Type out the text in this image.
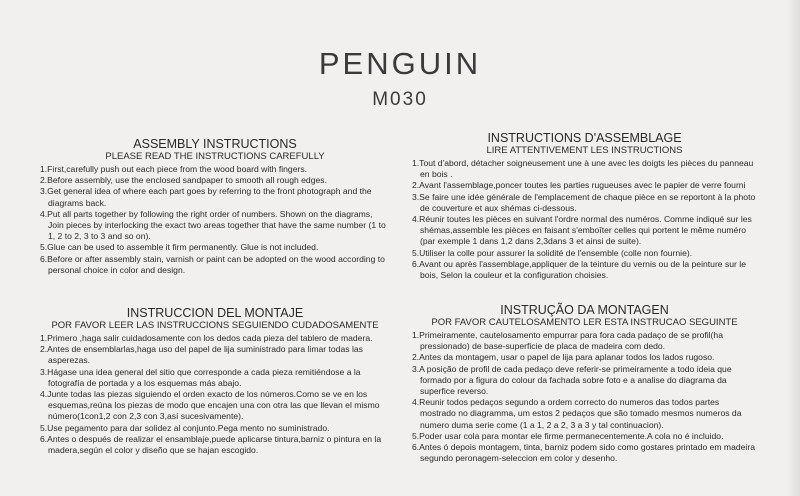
PENGUIN
M030
ASSEMBLY INSTRUCTIONS
PLEASE READ THE INSTRUCTIONS CAREFULLY
1.First,carefully push out each piece from the wood board with fingers.
2.Before assembly, use the enclosed sandpaper to smooth all rough edges.
3.Get general idea of where each part goes by referring to the front photograph and the diagrams back.
4.Put all parts together by following the right order of numbers. Shown on the diagrams, Join pieces by interlocking the exact two areas together that have the same number (1 to 1, 2 to 2, 3 to 3 and so on).
5.Glue can be used to assemble it firm permanently. Glue is not included.
6.Before or after assembly stain, varnish or paint can be adopted on the wood according to personal choice in color and design.
INSTRUCCION DEL MONTAJE
POR FAVOR LEER LAS INSTRUCCIONS SEGUIENDO CUDADOSAMENTE
1.Primero ,haga salir cuidadosamente con los dedos cada pieza del tablero de madera.
2.Antes de ensemblarlas,haga uso del papel de lija suministrado para limar todas las asperezas.
3.Hágase una idea general del sitio que corresponde a cada pieza remitiéndose a la fotografía de portada y a los esquemas más abajo.
4.Junte todas las piezas siguiendo el orden exacto de los números.Como se ve en los esquemas,reúna los piezas de modo que encajen una con otra las que llevan el mismo número(1con1,2 con 2,3 con 3,así sucesivamente).
5.Use pegamento para dar solidez al conjunto.Pega mento no suministrado.
6.Antes o después de realizar el ensamblaje,puede aplicarse tintura,barniz o pintura en la madera,según el color y diseño que se hajan escogido.
INSTRUCTIONS D'ASSEMBLAGE
LIRE ATTENTIVEMENT LES INSTRUCTIONS
1.Tout d'abord, détacher soigneusement une à une avec les doigts les pièces du panneau en bois .
2.Avant l'assemblage,poncer toutes les parties rugueuses avec le papier de verre fourni
3.Se faire une idée générale de l'emplacement de chaque pièce en se reportont à la photo de couverture et aux shémas ci-dessous.
4.Réunir toutes les pièces en suivant l'ordre normal des numéros. Comme indiqué sur les shémas,assemble les pièces en faisant s'emboîter celles qui portent le même numéro (par exemple 1 dans 1,2 dans 2,3dans 3 et ainsi de suite).
5.Utiliser la colle pour assurer la solidité de l'ensemble (colle non fournie).
6.Avant ou après l'assemblage,appliquer de la teinture du vernis ou de la peinture sur le bois, Selon la couleur et la configuration choisies.
INSTRUÇÃO DA MONTAGEN
POR FAVOR CAUTELOSAMENTO LER ESTA INSTRUCAO SEGUINTE
1.Primeiramente, cautelosamento empurrar para fora cada padaço de se profil(ha pressionado) de base-superficie de placa de madeira com dedo.
2.Antes da montagem, usar o papel de lija para aplanar todos los lados rugoso.
3.A posição de profil de cada pedaço deve referir-se primeiramente a todo ideia que formado por a figura do colour da fachada sobre foto e a analise do diagrama da superfice reverso.
4.Reunir todos pedaços segundo a ordem correcto do numeros das todos partes mostrado no diagramma, um estos 2 pedaços que são tomado mesmos numeros da numero duma serie come (1 a 1, 2 a 2, 3 a 3 y tal continuacion).
5.Poder usar cola para montar ele firme permanecentemente.A cola no é incluido.
6.Antes ó depois montagem, tinta, barniz podem sido como gostares printado em madeira segundo peronagem-seleccion em color y desenho.
